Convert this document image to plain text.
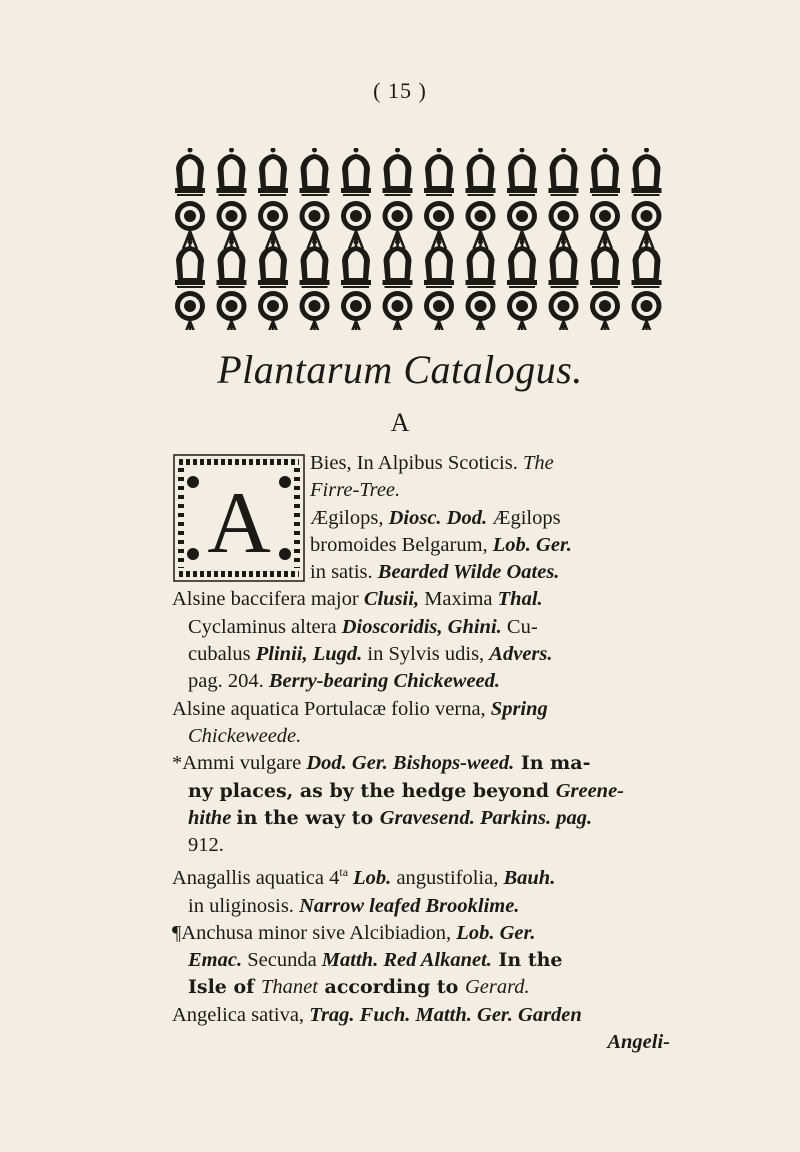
( 15 )
Plantarum Catalogus.
A
A
Bies, In Alpibus Scoticis. The
Firre-Tree.
Ægilops, Diosc. Dod. Ægilops
bromoides Belgarum, Lob. Ger.
in satis. Bearded Wilde Oates.
Alsine baccifera major Clusii, Maxima Thal.
Cyclaminus altera Dioscoridis, Ghini. Cu-
cubalus Plinii, Lugd. in Sylvis udis, Advers.
pag. 204. Berry-bearing Chickeweed.
Alsine aquatica Portulacæ folio verna, Spring
Chickeweede.
*Ammi vulgare Dod. Ger. Bishops-weed. In ma-
ny places, as by the hedge beyond Greene-
hithe in the way to Gravesend. Parkins. pag.
912.
Anagallis aquatica $4^{ta}$ Lob. angustifolia, Bauh.
in uliginosis. Narrow leafed Brooklime.
¶Anchusa minor sive Alcibiadion, Lob. Ger.
Emac. Secunda Matth. Red Alkanet. In the
Isle of Thanet according to Gerard.
Angelica sativa, Trag. Fuch. Matth. Ger. Garden
Angeli-
